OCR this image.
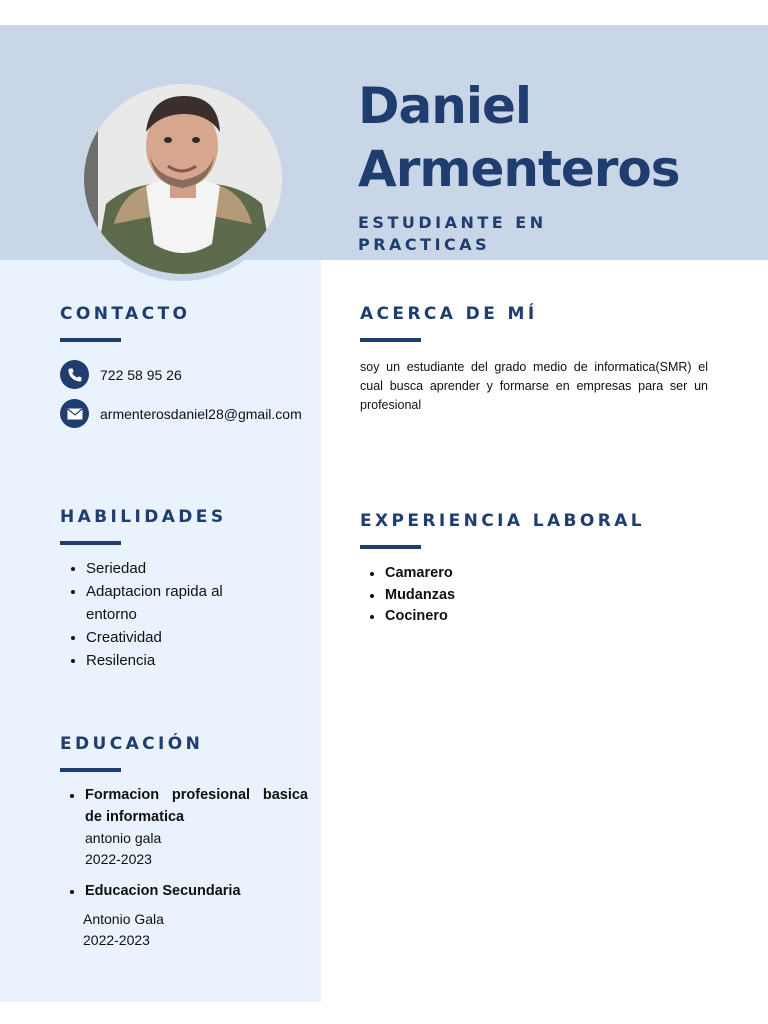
Daniel
Armenteros
ESTUDIANTE EN
PRACTICAS
CONTACTO
722 58 95 26
armenterosdaniel28@gmail.com
HABILIDADES
Seriedad
Adaptacion rapida al entorno
Creatividad
Resilencia
EDUCACIÓN
Formacion profesional basica de informatica
antonio gala
2022-2023
Educacion Secundaria
Antonio Gala
2022-2023
ACERCA DE MÍ
soy un estudiante del grado medio de informatica(SMR) el cual busca aprender y formarse en empresas para ser un profesional
EXPERIENCIA LABORAL
Camarero
Mudanzas
Cocinero
